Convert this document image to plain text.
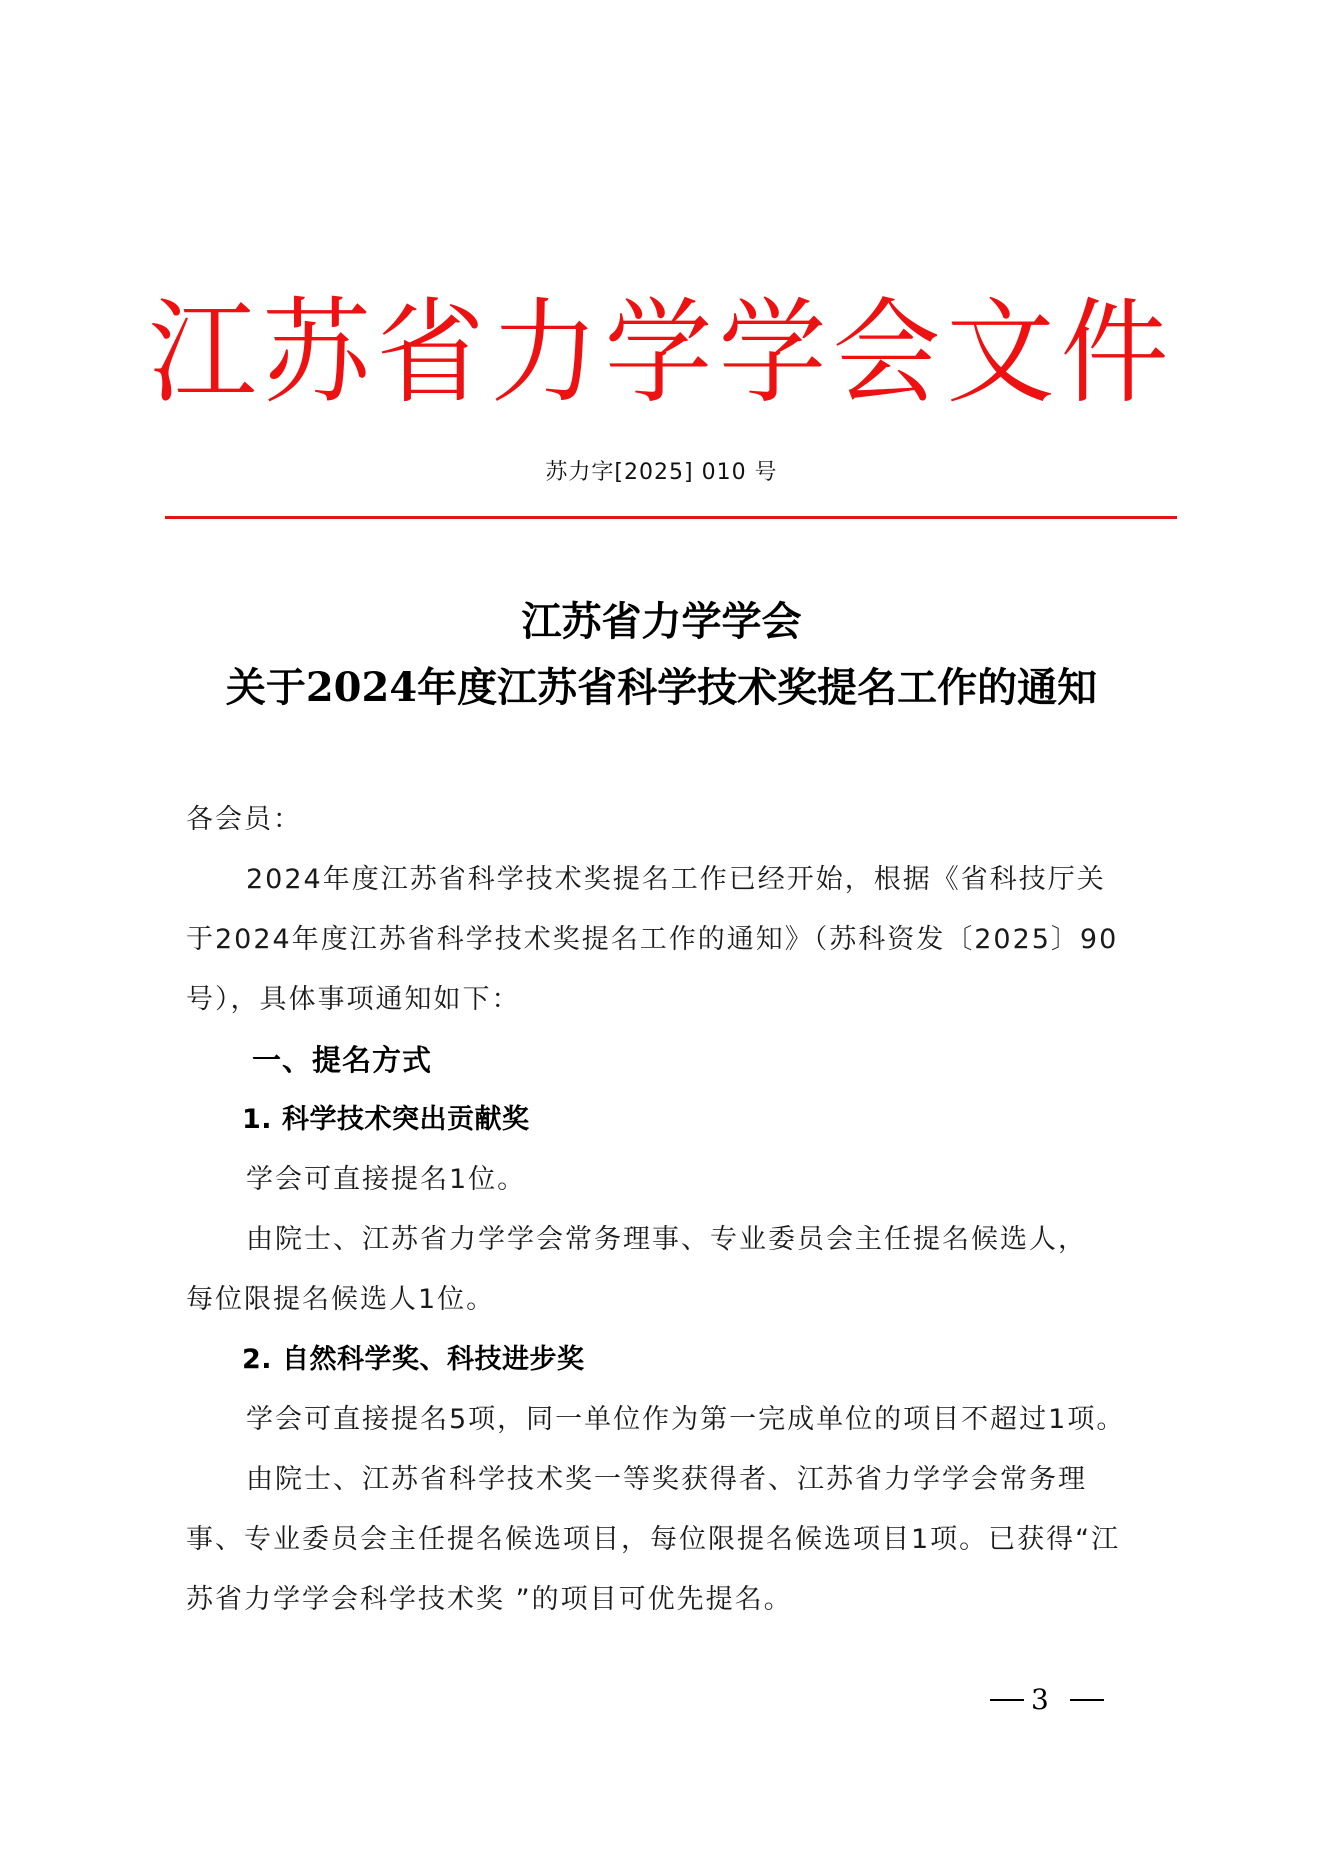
江苏省力学学会文件
苏力字[2025] 010 号
江苏省力学学会
关于2024年度江苏省科学技术奖提名工作的通知
各会员：
2024年度江苏省科学技术奖提名工作已经开始，根据《省科技厅关
于2024年度江苏省科学技术奖提名工作的通知》（苏科资发〔2025〕90
号），具体事项通知如下：
一、提名方式
1. 科学技术突出贡献奖
学会可直接提名1位。
由院士、江苏省力学学会常务理事、专业委员会主任提名候选人，
每位限提名候选人1位。
2. 自然科学奖、科技进步奖
学会可直接提名5项，同一单位作为第一完成单位的项目不超过1项。
由院士、江苏省科学技术奖一等奖获得者、江苏省力学学会常务理
事、专业委员会主任提名候选项目，每位限提名候选项目1项。已获得“江
苏省力学学会科学技术奖 ”的项目可优先提名。
3
